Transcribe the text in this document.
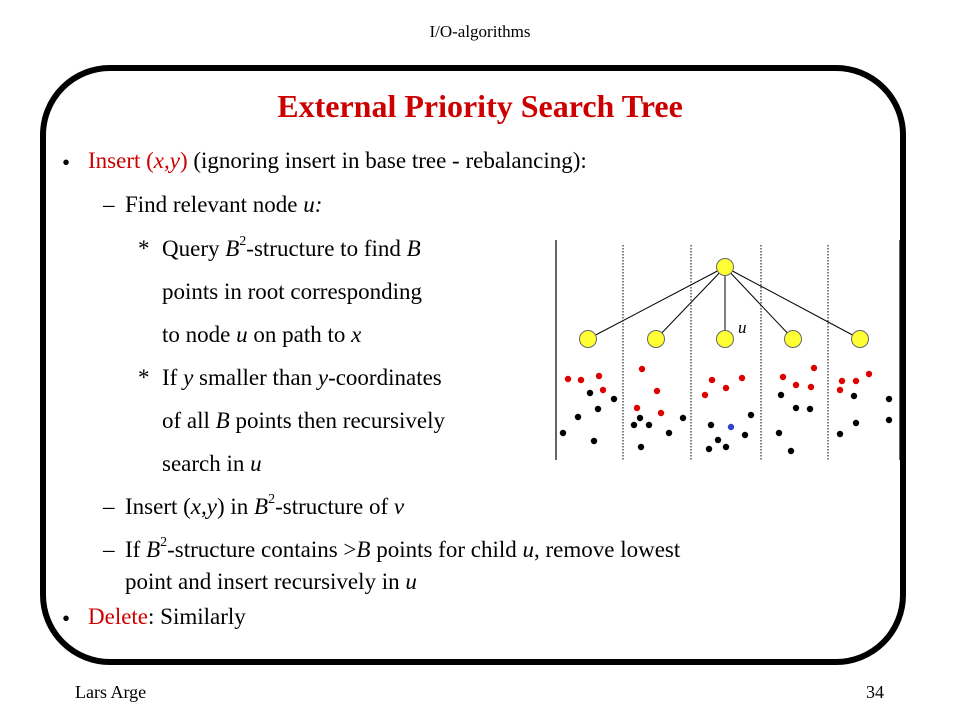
I/O-algorithms
External Priority Search Tree
• Insert (x,y) (ignoring insert in base tree - rebalancing):
– Find relevant node u:
* Query $B^2$-structure to find B
points in root corresponding
to node u on path to x
* If y smaller than y-coordinates
of all B points then recursively
search in u
– Insert (x,y) in $B^2$-structure of v
– If $B^2$-structure contains >B points for child u, remove lowest
point and insert recursively in u
• Delete: Similarly
u
Lars Arge	34
